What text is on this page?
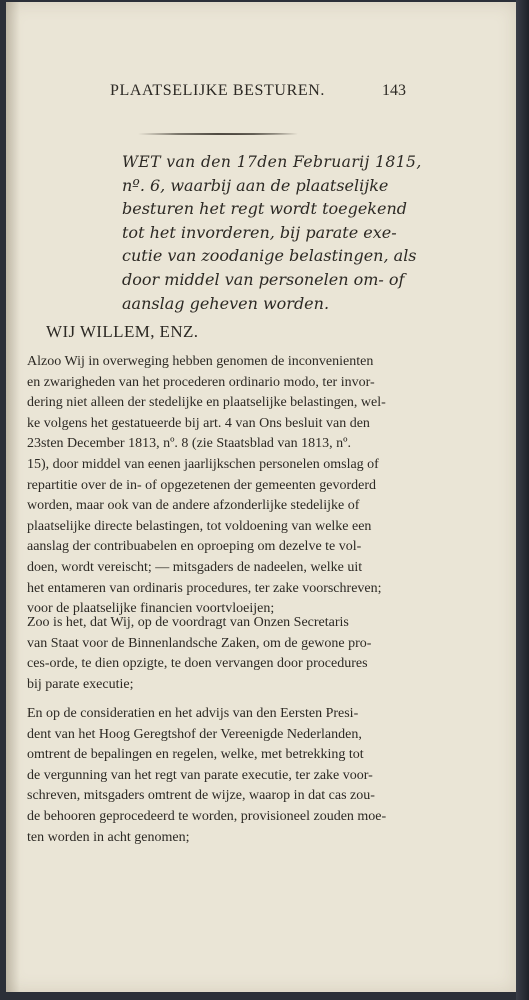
PLAATSELIJKE BESTUREN.	143
WET van den 17den Februarij 1815,
nº. 6, waarbij aan de plaatselijke
besturen het regt wordt toegekend
tot het invorderen, bij parate exe-
cutie van zoodanige belastingen, als
door middel van personelen om- of
aanslag geheven worden.
WIJ WILLEM, ENZ.
Alzoo Wij in overweging hebben genomen de inconvenienten
en zwarigheden van het procederen ordinario modo, ter invor-
dering niet alleen der stedelijke en plaatselijke belastingen, wel-
ke volgens het gestatueerde bij art. 4 van Ons besluit van den
23sten December 1813, nº. 8 (zie Staatsblad van 1813, nº.
15), door middel van eenen jaarlijkschen personelen omslag of
repartitie over de in- of opgezetenen der gemeenten gevorderd
worden, maar ook van de andere afzonderlijke stedelijke of
plaatselijke directe belastingen, tot voldoening van welke een
aanslag der contribuabelen en oproeping om dezelve te vol-
doen, wordt vereischt; — mitsgaders de nadeelen, welke uit
het entameren van ordinaris procedures, ter zake voorschreven;
voor de plaatselijke financien voortvloeijen;
Zoo is het, dat Wij, op de voordragt van Onzen Secretaris
van Staat voor de Binnenlandsche Zaken, om de gewone pro-
ces-orde, te dien opzigte, te doen vervangen door procedures
bij parate executie;
En op de consideratien en het advijs van den Eersten Presi-
dent van het Hoog Geregtshof der Vereenigde Nederlanden,
omtrent de bepalingen en regelen, welke, met betrekking tot
de vergunning van het regt van parate executie, ter zake voor-
schreven, mitsgaders omtrent de wijze, waarop in dat cas zou-
de behooren geprocedeerd te worden, provisioneel zouden moe-
ten worden in acht genomen;
